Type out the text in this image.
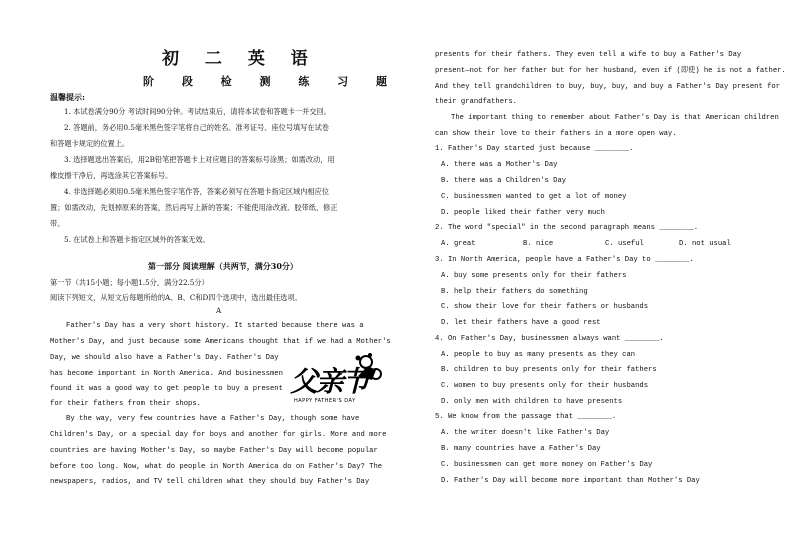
初 二 英 语
阶 段 检 测 练 习 题
温馨提示:
1. 本试卷满分90分 考试时间90分钟。考试结束后，请将本试卷和答题卡一并交回。
2. 答题前，务必用0.5毫米黑色签字笔将自己的姓名、准考证号、座位号填写在试卷
和答题卡规定的位置上。
3. 选择题选出答案后，用2B铅笔把答题卡上对应题目的答案标号涂黑；如需改动，用
橡皮擦干净后，再选涂其它答案标号。
4. 非选择题必须用0.5毫米黑色签字笔作答，答案必须写在答题卡指定区域内相应位
置；如需改动，先划掉原来的答案，然后再写上新的答案；不能使用涂改液、胶带纸、修正
带。
5. 在试卷上和答题卡指定区域外的答案无效。
第一部分 阅读理解（共两节，满分30分）
第一节（共15小题；每小题1.5分，满分22.5分）
阅读下列短文，从短文后每题所给的A、B、C和D四个选项中，选出最佳选项。
A
Father's Day has a very short history. It started because there was a
Mother's Day, and just because some Americans thought that if we had a Mother's
Day, we should also have a Father's Day. Father's Day
has become important in North America. And businessmen
found it was a good way to get people to buy a present
for their fathers from their shops.
By the way, very few countries have a Father's Day, though some have
Children's Day, or a special day for boys and another for girls. More and more
countries are having Mother's Day, so maybe Father's Day will become popular
before too long. Now, what do people in North America do on Father's Day? The
newspapers, radios, and TV tell children what they should buy Father's Day
父亲节
HAPPY FATHER'S DAY
presents for their fathers. They even tell a wife to buy a Father's Day
present—not for her father but for her husband, even if (即使) he is not a father.
And they tell grandchildren to buy, buy, buy, and buy a Father's Day present for
their grandfathers.
The important thing to remember about Father's Day is that American children
can show their love to their fathers in a more open way.
1. Father's Day started just because ________.
A. there was a Mother's Day
B. there was a Children's Day
C. businessmen wanted to get a lot of money
D. people liked their father very much
2. The word "special" in the second paragraph means ________.
A. great	B. nice	C. useful	D. not usual
3. In North America, people have a Father's Day to ________.
A. buy some presents only for their fathers
B. help their fathers do something
C. show their love for their fathers or husbands
D. let their fathers have a good rest
4. On Father's Day, businessmen always want ________.
A. people to buy as many presents as they can
B. children to buy presents only for their fathers
C. women to buy presents only for their husbands
D. only men with children to have presents
5. We know from the passage that ________.
A. the writer doesn't like Father's Day
B. many countries have a Father's Day
C. businessmen can get more money on Father's Day
D. Father's Day will become more important than Mother's Day
